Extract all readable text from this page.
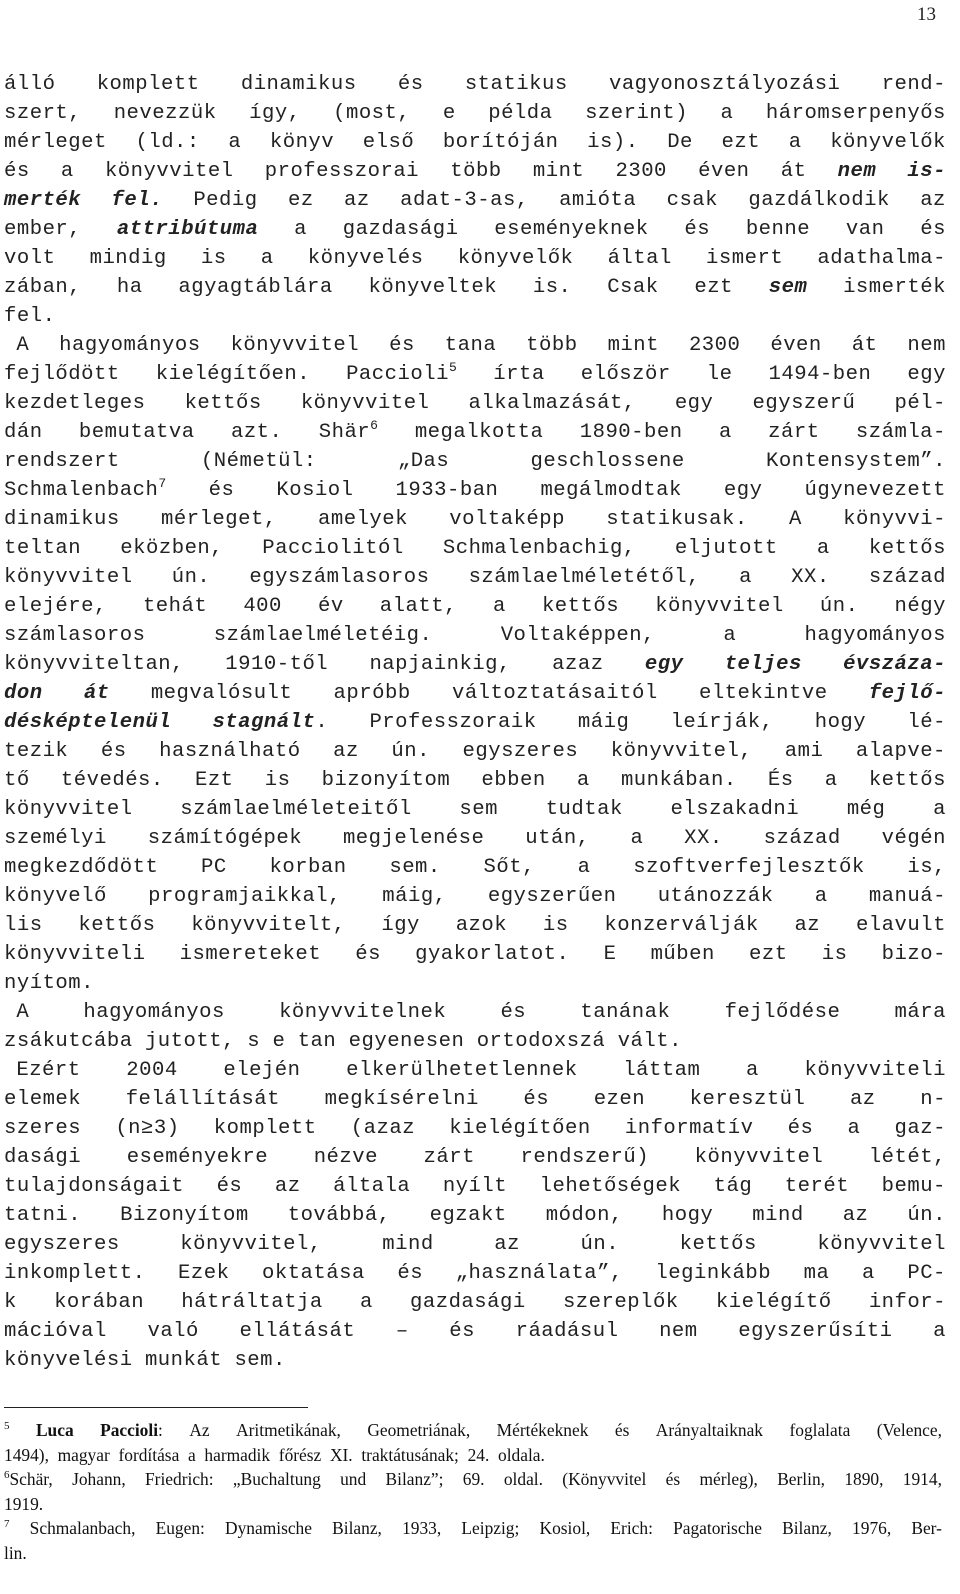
13
álló komplett dinamikus és statikus vagyonosztályozási rend-
szert, nevezzük így, (most, e példa szerint) a háromserpenyős
mérleget (ld.: a könyv első borítóján is). De ezt a könyvelők
és a könyvvitel professzorai több mint 2300 éven át nem is-
merték fel. Pedig ez az adat-3-as, amióta csak gazdálkodik az
ember, attribútuma a gazdasági eseményeknek és benne van és
volt mindig is a könyvelés könyvelők által ismert adathalma-
zában, ha agyagtáblára könyveltek is. Csak ezt sem ismerték
fel.
A hagyományos könyvvitel és tana több mint 2300 éven át nem
fejlődött kielégítően. Paccioli$^5$ írta először le 1494-ben egy
kezdetleges kettős könyvvitel alkalmazását, egy egyszerű pél-
dán bemutatva azt. Shär$^6$ megalkotta 1890-ben a zárt számla-
rendszert	(Németül:	„Das	geschlossene	Kontensystem”.
Schmalenbach$^7$ és Kosiol 1933-ban megálmodtak egy úgynevezett
dinamikus mérleget, amelyek voltaképp statikusak. A könyvvi-
teltan eközben, Pacciolitól Schmalenbachig, eljutott a kettős
könyvvitel ún. egyszámlasoros számlaelméletétől, a XX. század
elejére, tehát 400 év alatt, a kettős könyvvitel ún. négy
számlasoros	számlaelméletéig.	Voltaképpen,	a	hagyományos
könyvviteltan, 1910-től napjainkig, azaz egy teljes évszáza-
don át megvalósult apróbb változtatásaitól eltekintve fejlő-
désképtelenül stagnált. Professzoraik máig leírják, hogy lé-
tezik és használható az ún. egyszeres könyvvitel, ami alapve-
tő tévedés. Ezt is bizonyítom ebben a munkában. És a kettős
könyvvitel számlaelméleteitől sem tudtak elszakadni még a
személyi számítógépek megjelenése után, a XX. század végén
megkezdődött PC korban sem. Sőt, a szoftverfejlesztők is,
könyvelő programjaikkal, máig, egyszerűen utánozzák a manuá-
lis kettős könyvvitelt, így azok is konzerválják az elavult
könyvviteli ismereteket és gyakorlatot. E műben ezt is bizo-
nyítom.
A	hagyományos	könyvvitelnek	és	tanának	fejlődése	mára
zsákutcába jutott, s e tan egyenesen ortodoxszá vált.
Ezért 2004 elején elkerülhetetlennek láttam a könyvviteli
elemek felállítását megkísérelni és ezen keresztül az n-
szeres (n≥3) komplett (azaz kielégítően informatív és a gaz-
dasági eseményekre nézve zárt rendszerű) könyvvitel létét,
tulajdonságait és az általa nyílt lehetőségek tág terét bemu-
tatni. Bizonyítom továbbá, egzakt módon, hogy mind az ún.
egyszeres	könyvvitel,	mind	az	ún.	kettős	könyvvitel
inkomplett. Ezek oktatása és „használata”, leginkább ma a PC-
k korában hátráltatja a gazdasági szereplők kielégítő infor-
mációval való ellátását – és ráadásul nem egyszerűsíti a
könyvelési munkát sem.
$^5$ Luca Paccioli: Az Aritmetikának, Geometriának, Mértékeknek és Arányaltaiknak foglalata (Velence,
1494), magyar fordítása a harmadik főrész XI. traktátusának; 24. oldala.
$^6$Schär, Johann, Friedrich: „Buchaltung und Bilanz”; 69. oldal. (Könyvvitel és mérleg), Berlin, 1890, 1914,
1919.
$^7$ Schmalanbach, Eugen: Dynamische Bilanz, 1933, Leipzig; Kosiol, Erich: Pagatorische Bilanz, 1976, Ber-
lin.
